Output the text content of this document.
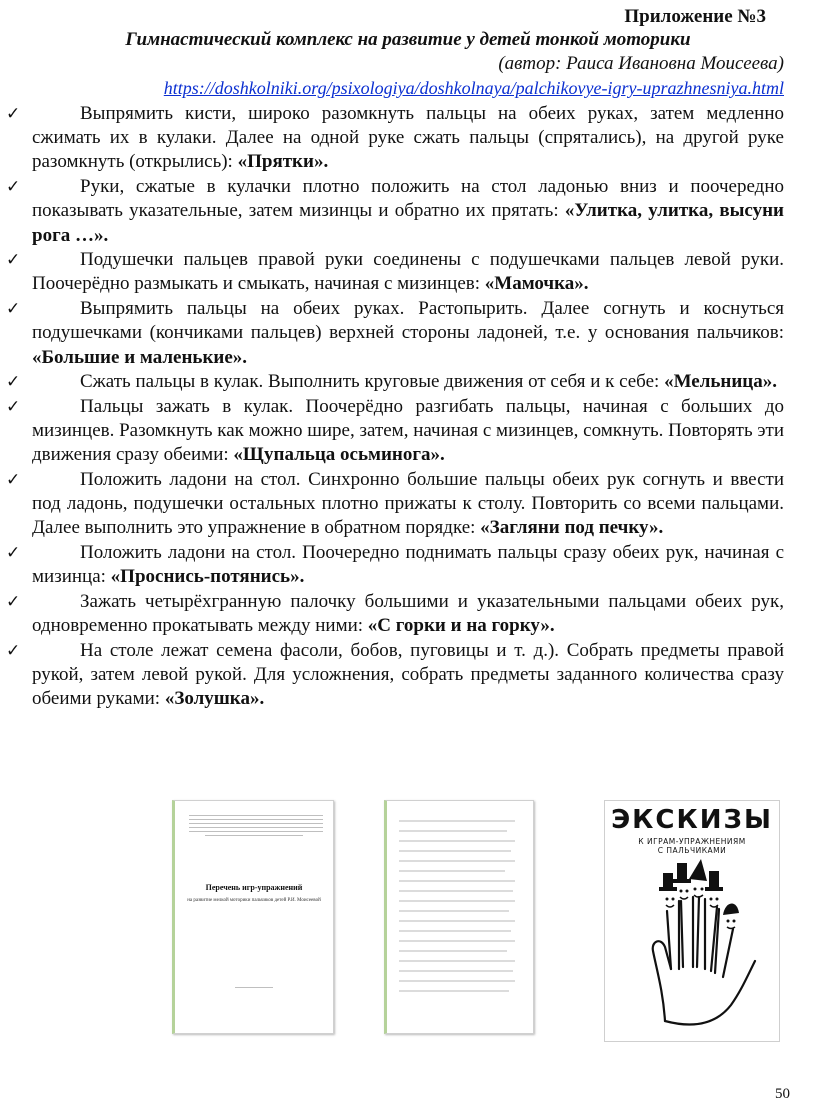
Приложение №3
Гимнастический комплекс на развитие у детей тонкой моторики
(автор: Раиса Ивановна Моисеева)
https://doshkolniki.org/psixologiya/doshkolnaya/palchikovye-igry-uprazhnesniya.html

✓	Выпрямить кисти, широко разомкнуть пальцы на обеих руках, затем медленно сжимать их в кулаки. Далее на одной руке сжать пальцы (спрятались), на другой руке разомкнуть (открылись): «Прятки».

✓	Руки, сжатые в кулачки плотно положить на стол ладонью вниз и поочередно показывать указательные, затем мизинцы и обратно их прятать: «Улитка, улитка, высуни рога …».

✓	Подушечки пальцев правой руки соединены с подушечками пальцев левой руки. Поочерёдно размыкать и смыкать, начиная с мизинцев: «Мамочка».

✓	Выпрямить пальцы на обеих руках. Растопырить. Далее согнуть и коснуться подушечками (кончиками пальцев) верхней стороны ладоней, т.е. у основания пальчиков: «Большие и маленькие».

✓	Сжать пальцы в кулак. Выполнить круговые движения от себя и к себе: «Мельница».

✓	Пальцы зажать в кулак. Поочерёдно разгибать пальцы, начиная с больших до мизинцев. Разомкнуть как можно шире, затем, начиная с мизинцев, сомкнуть. Повторять эти движения сразу обеими: «Щупальца осьминога».

✓	Положить ладони на стол. Синхронно большие пальцы обеих рук согнуть и ввести под ладонь, подушечки остальных плотно прижаты к столу. Повторить со всеми пальцами. Далее выполнить это упражнение в обратном порядке: «Загляни под печку».

✓	Положить ладони на стол. Поочередно поднимать пальцы сразу обеих рук, начиная с мизинца: «Проснись-потянись».

✓	Зажать четырёхгранную палочку большими и указательными пальцами обеих рук, одновременно прокатывать между ними: «С горки и на горку».

✓	На столе лежат семена фасоли, бобов, пуговицы и т. д.). Собрать предметы правой рукой, затем левой рукой. Для усложнения, собрать предметы заданного количества сразу обеими руками: «Золушка».

Перечень игр-упражнений
на развитие мелкой моторики пальчиков детей Р.И. Моисеевой
ЭКСКИЗЫ
К ИГРАМ-УПРАЖНЕНИЯМ
С ПАЛЬЧИКАМИ
50
